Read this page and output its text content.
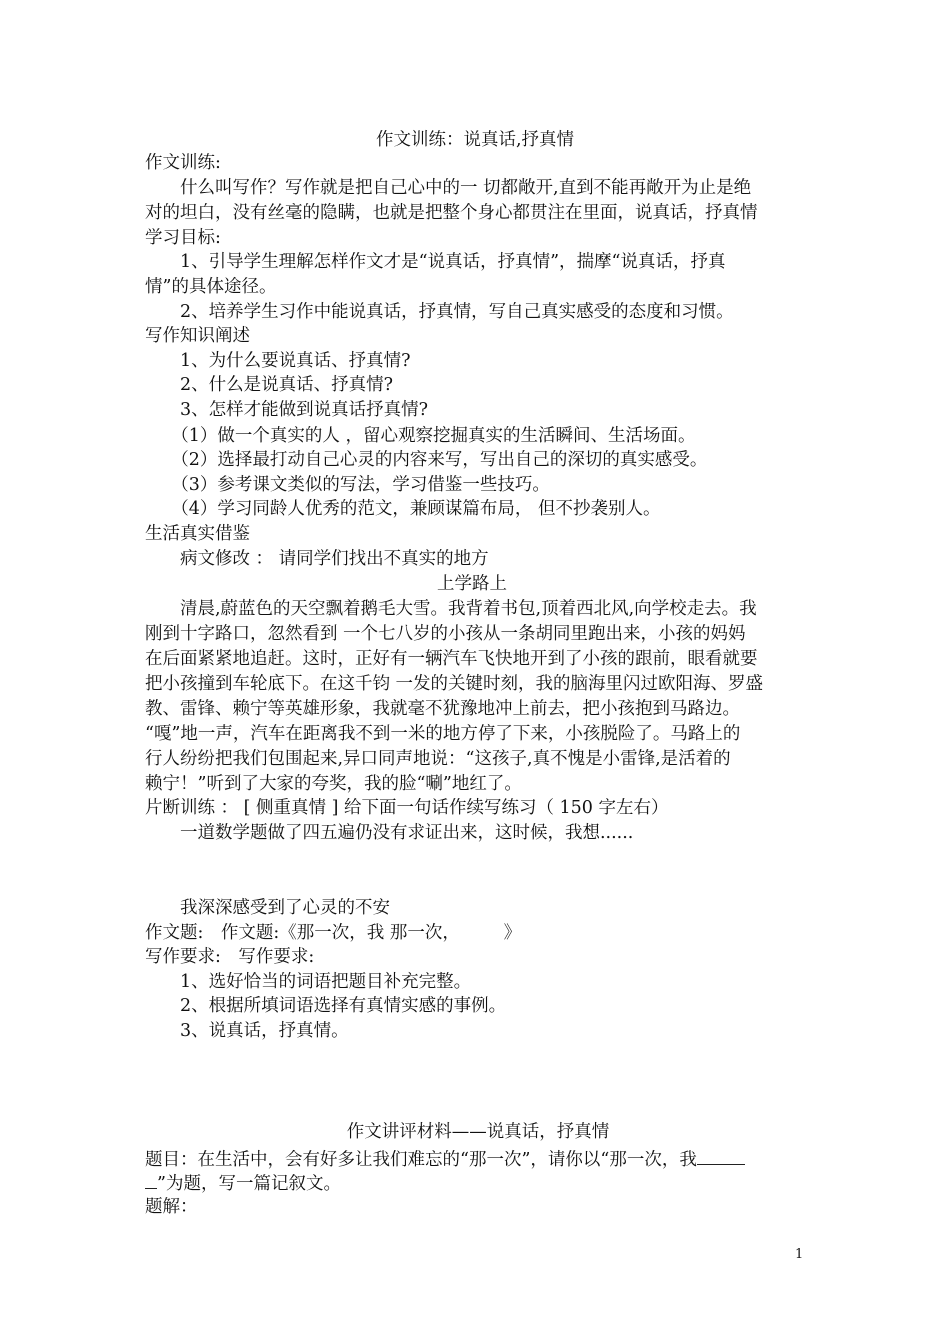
作文训练：说真话,抒真情
作文训练:
　　什么叫写作？写作就是把自己心中的一 切都敞开,直到不能再敞开为止是绝
对的坦白，没有丝毫的隐瞒，也就是把整个身心都贯注在里面，说真话，抒真情
学习目标:
　　1、引导学生理解怎样作文才是“说真话，抒真情”，揣摩“说真话，抒真
情”的具体途径。
　　2、培养学生习作中能说真话，抒真情，写自己真实感受的态度和习惯。
写作知识阐述
　　1、为什么要说真话、抒真情?
　　2、什么是说真话、抒真情?
　　3、怎样才能做到说真话抒真情?
　　（1）做一个真实的人 ，留心观察挖掘真实的生活瞬间、生活场面。
　　（2）选择最打动自己心灵的内容来写，写出自己的深切的真实感受。
　　（3）参考课文类似的写法，学习借鉴一些技巧。
　　（4）学习同龄人优秀的范文，兼顾谋篇布局， 但不抄袭别人。
生活真实借鉴
　　病文修改 ： 请同学们找出不真实的地方
上学路上
　　清晨,蔚蓝色的天空飘着鹅毛大雪。我背着书包,顶着西北风,向学校走去。我
刚到十字路口，忽然看到 一个七八岁的小孩从一条胡同里跑出来，小孩的妈妈
在后面紧紧地追赶。这时，正好有一辆汽车飞快地开到了小孩的跟前，眼看就要
把小孩撞到车轮底下。在这千钧 一发的关键时刻，我的脑海里闪过欧阳海、罗盛
教、雷锋、赖宁等英雄形象，我就毫不犹豫地冲上前去，把小孩抱到马路边。
“嘎”地一声，汽车在距离我不到一米的地方停了下来，小孩脱险了。马路上的
行人纷纷把我们包围起来,异口同声地说：“这孩子,真不愧是小雷锋,是活着的
赖宁！”听到了大家的夸奖，我的脸“唰”地红了。
片断训练 ： [ 侧重真情 ] 给下面一句话作续写练习（ 150 字左右）
　　一道数学题做了四五遍仍没有求证出来，这时候，我想......
　　我深深感受到了心灵的不安
作文题:　作文题:《那一次，我 那一次，　　　》
写作要求:　写作要求:
　　1、选好恰当的词语把题目补充完整。
　　2、根据所填词语选择有真情实感的事例。
　　3、说真话，抒真情。
作文讲评材料——说真话，抒真情
题目：在生活中，会有好多让我们难忘的“那一次”，请你以“那一次，我
”为题，写一篇记叙文。
题解：
1
